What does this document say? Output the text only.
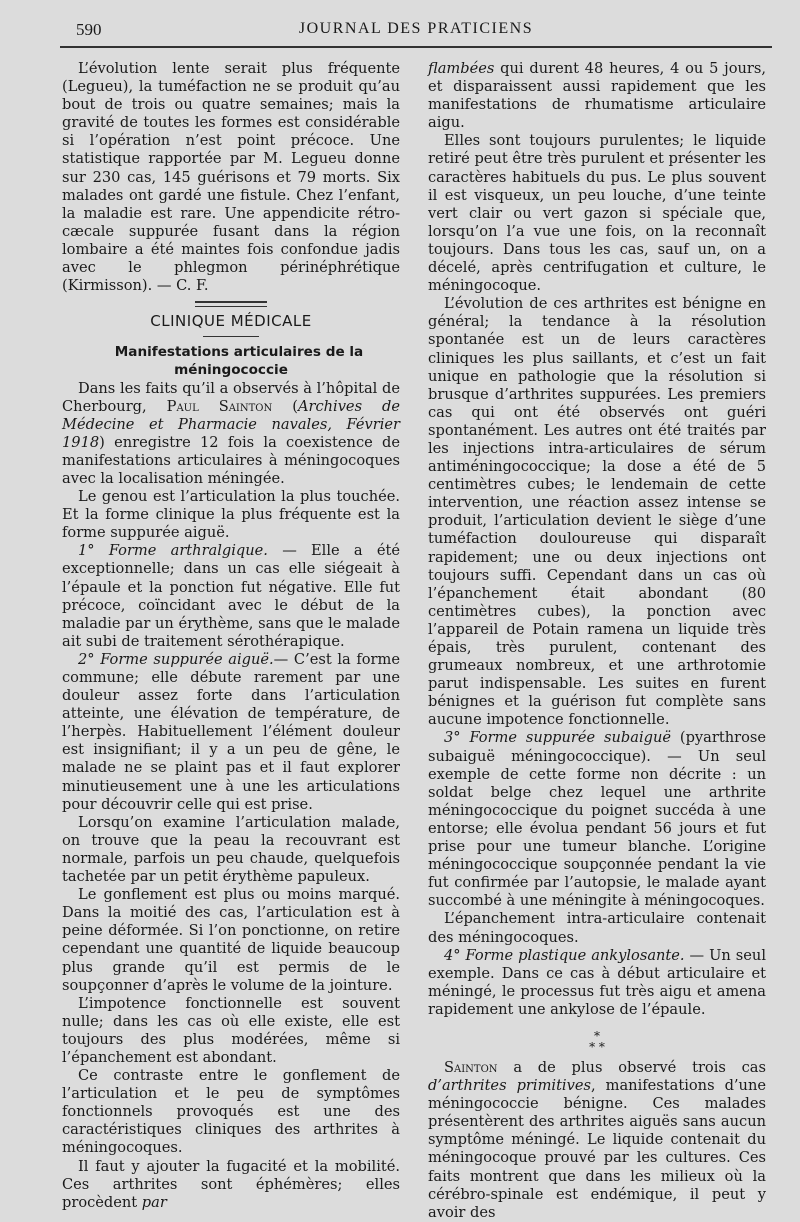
590	JOURNAL DES PRATICIENS

L’évolution lente serait plus fréquente (Legueu), la tuméfaction ne se produit qu’au bout de trois ou quatre semaines; mais la gravité de toutes les formes est considérable si l’opération n’est point précoce. Une statistique rapportée par M. Legueu donne sur 230 cas, 145 guérisons et 79 morts. Six malades ont gardé une fistule. Chez l’enfant, la maladie est rare. Une appendicite rétro-cæcale suppurée fusant dans la région lombaire a été maintes fois confondue jadis avec le phlegmon périnéphrétique (Kirmisson). — C. F.

CLINIQUE MÉDICALE

Manifestations articulaires de la méningococcie

Dans les faits qu’il a observés à l’hôpital de Cherbourg, Paul Sainton (Archives de Médecine et Pharmacie navales, Février 1918) enregistre 12 fois la coexistence de manifestations articulaires à méningocoques avec la localisation méningée.

Le genou est l’articulation la plus touchée. Et la forme clinique la plus fréquente est la forme suppurée aiguë.

1° Forme arthralgique. — Elle a été exceptionnelle; dans un cas elle siégeait à l’épaule et la ponction fut négative. Elle fut précoce, coïncidant avec le début de la maladie par un érythème, sans que le malade ait subi de traitement sérothérapique.

2° Forme suppurée aiguë.— C’est la forme commune; elle débute rarement par une douleur assez forte dans l’articulation atteinte, une élévation de température, de l’herpès. Habituellement l’élément douleur est insignifiant; il y a un peu de gêne, le malade ne se plaint pas et il faut explorer minutieusement une à une les articulations pour découvrir celle qui est prise.

Lorsqu’on examine l’articulation malade, on trouve que la peau la recouvrant est normale, parfois un peu chaude, quelquefois tachetée par un petit érythème papuleux.

Le gonflement est plus ou moins marqué. Dans la moitié des cas, l’articulation est à peine déformée. Si l’on ponctionne, on retire cependant une quantité de liquide beaucoup plus grande qu’il est permis de le soupçonner d’après le volume de la jointure.

L’impotence fonctionnelle est souvent nulle; dans les cas où elle existe, elle est toujours des plus modérées, même si l’épanchement est abondant.

Ce contraste entre le gonflement de l’articulation et le peu de symptômes fonctionnels provoqués est une des caractéristiques cliniques des arthrites à méningocoques.

Il faut y ajouter la fugacité et la mobilité. Ces arthrites sont éphémères; elles procèdent par

flambées qui durent 48 heures, 4 ou 5 jours, et disparaissent aussi rapidement que les manifestations de rhumatisme articulaire aigu.

Elles sont toujours purulentes; le liquide retiré peut être très purulent et présenter les caractères habituels du pus. Le plus souvent il est visqueux, un peu louche, d’une teinte vert clair ou vert gazon si spéciale que, lorsqu’on l’a vue une fois, on la reconnaît toujours. Dans tous les cas, sauf un, on a décelé, après centrifugation et culture, le méningocoque.

L’évolution de ces arthrites est bénigne en général; la tendance à la résolution spontanée est un de leurs caractères cliniques les plus saillants, et c’est un fait unique en pathologie que la résolution si brusque d’arthrites suppurées. Les premiers cas qui ont été observés ont guéri spontanément. Les autres ont été traités par les injections intra-articulaires de sérum antiméningococcique; la dose a été de 5 centimètres cubes; le lendemain de cette intervention, une réaction assez intense se produit, l’articulation devient le siège d’une tuméfaction douloureuse qui disparaît rapidement; une ou deux injections ont toujours suffi. Cependant dans un cas où l’épanchement était abondant (80 centimètres cubes), la ponction avec l’appareil de Potain ramena un liquide très épais, très purulent, contenant des grumeaux nombreux, et une arthrotomie parut indispensable. Les suites en furent bénignes et la guérison fut complète sans aucune impotence fonctionnelle.

3° Forme suppurée subaiguë (pyarthrose subaiguë méningococcique). — Un seul exemple de cette forme non décrite : un soldat belge chez lequel une arthrite méningococcique du poignet succéda à une entorse; elle évolua pendant 56 jours et fut prise pour une tumeur blanche. L’origine méningococcique soupçonnée pendant la vie fut confirmée par l’autopsie, le malade ayant succombé à une méningite à méningocoques.

L’épanchement intra-articulaire contenait des méningocoques.

4° Forme plastique ankylosante. — Un seul exemple. Dans ce cas à début articulaire et méningé, le processus fut très aigu et amena rapidement une ankylose de l’épaule.

*
* *

Sainton a de plus observé trois cas d’arthrites primitives, manifestations d’une méningococcie bénigne. Ces malades présentèrent des arthrites aiguës sans aucun symptôme méningé. Le liquide contenait du méningocoque prouvé par les cultures. Ces faits montrent que dans les milieux où la cérébro-spinale est endémique, il peut y avoir des
